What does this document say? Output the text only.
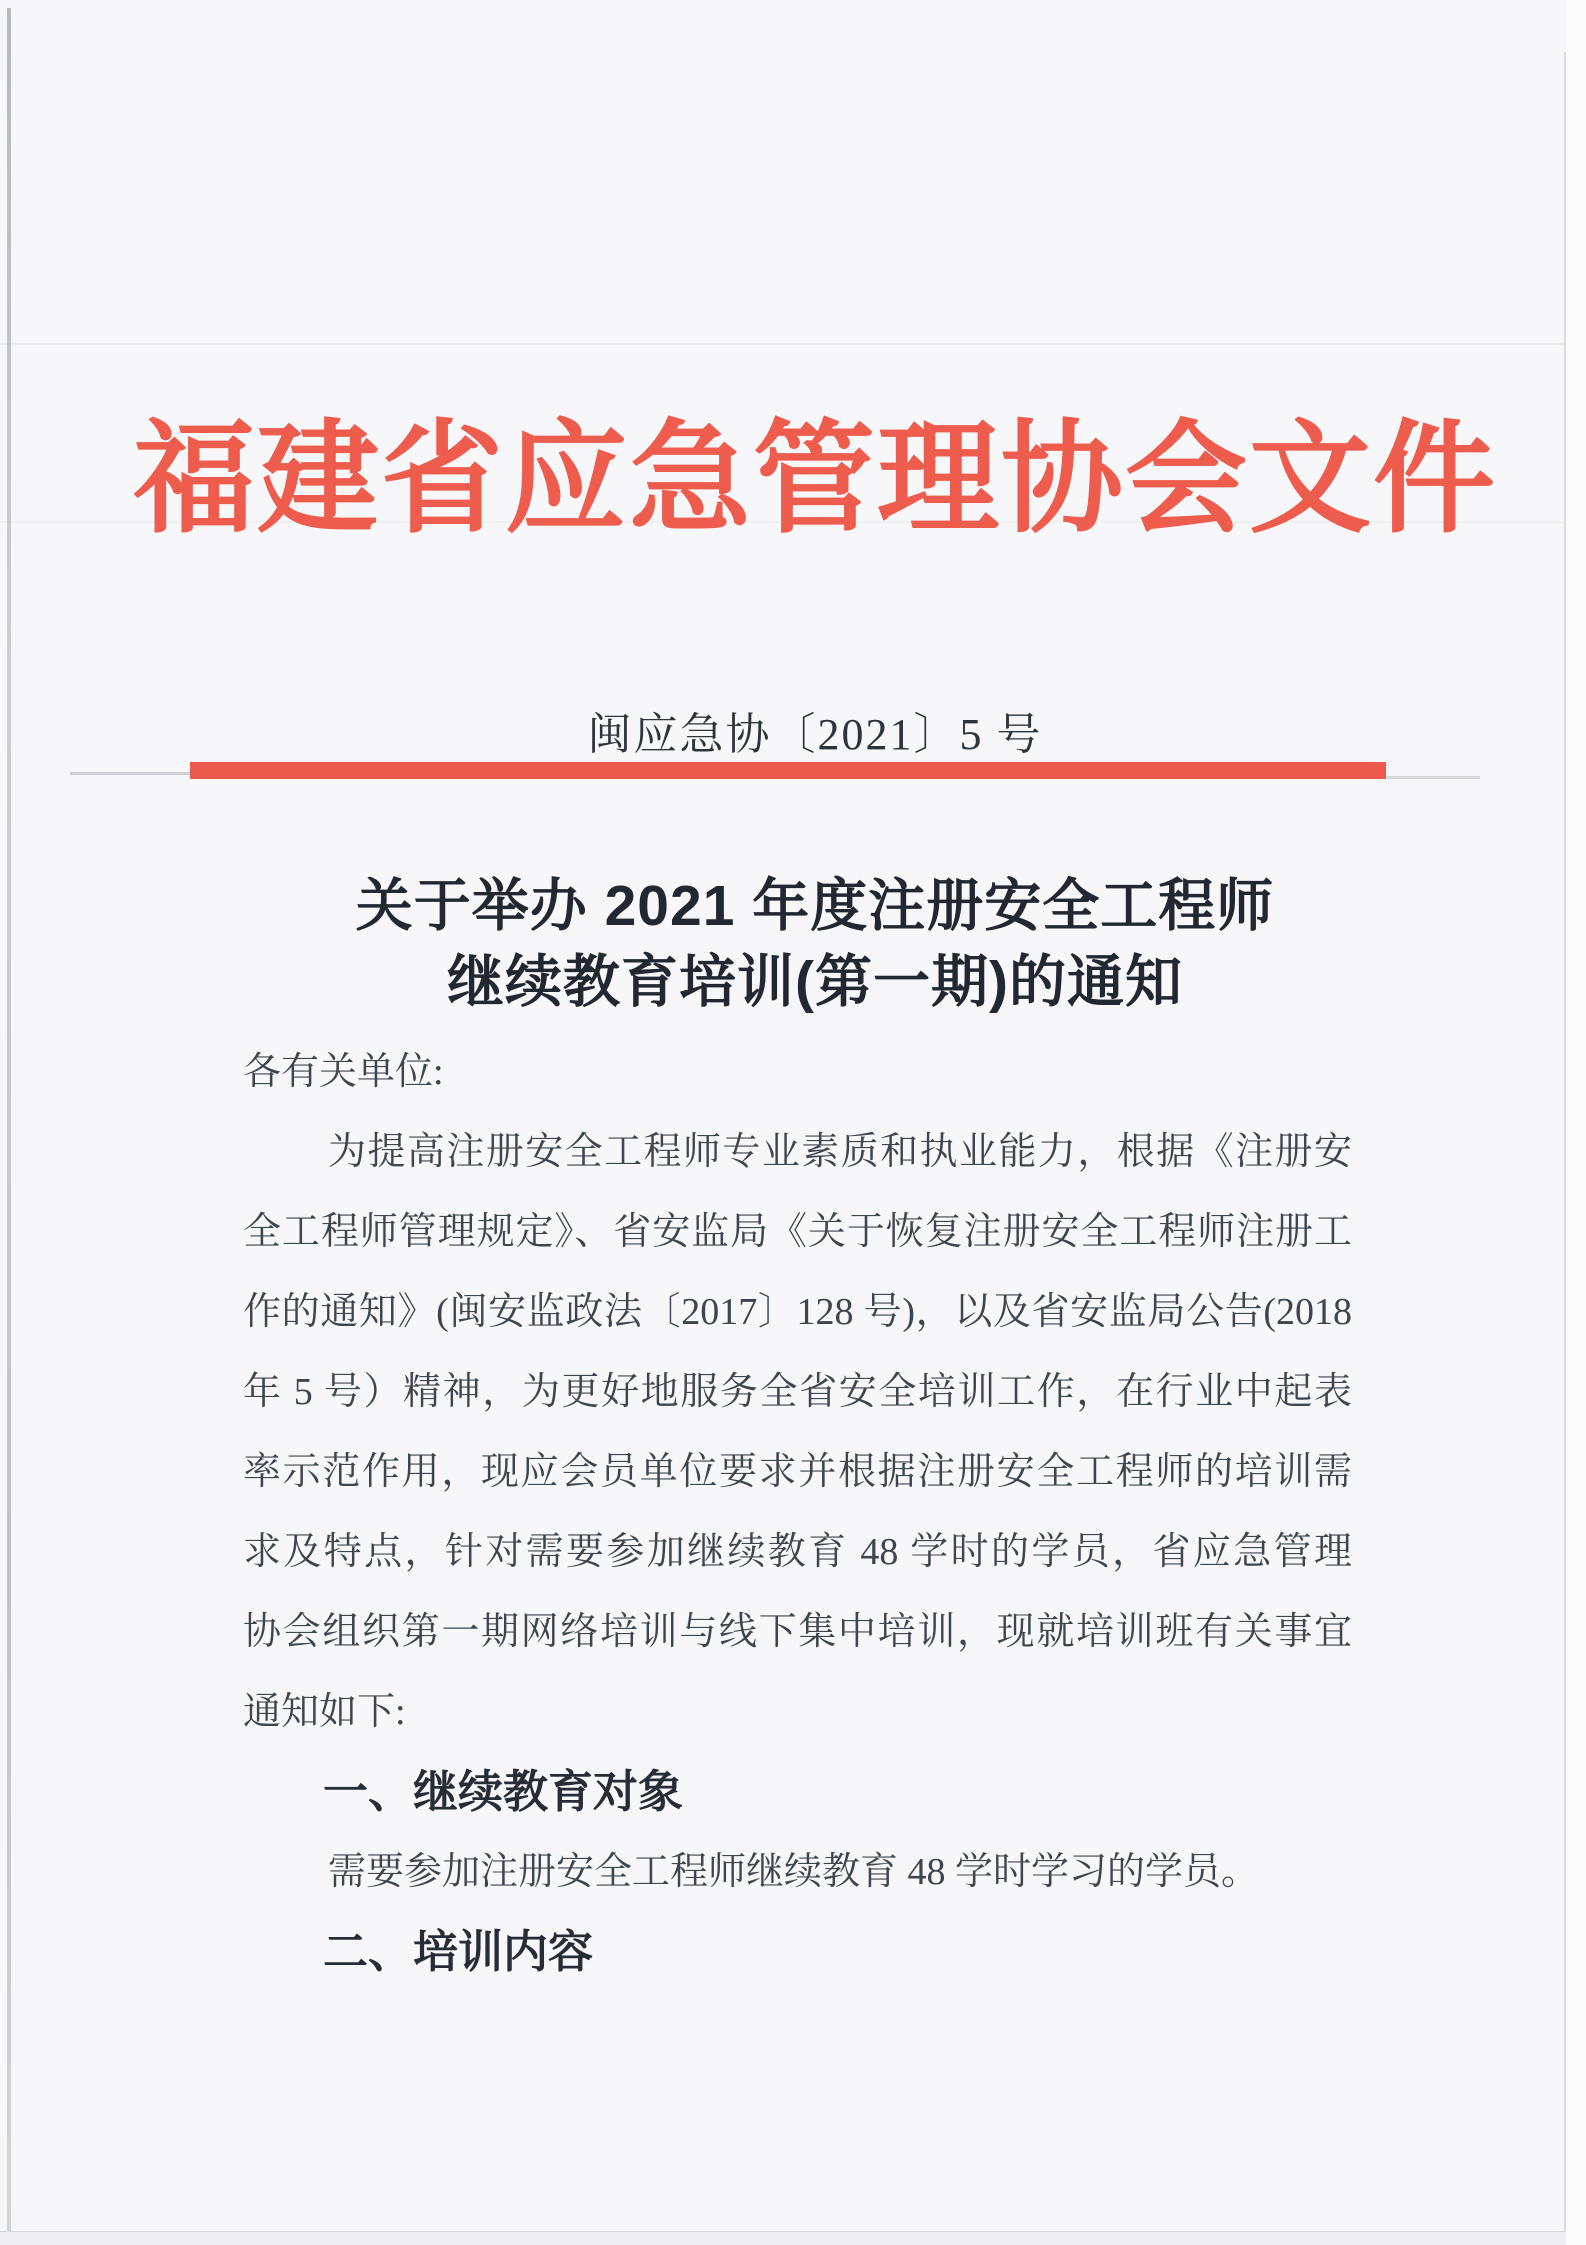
福建省应急管理协会文件
闽应急协〔2021〕5 号
关于举办 2021 年度注册安全工程师
继续教育培训(第一期)的通知
各有关单位:
为提高注册安全工程师专业素质和执业能力，根据《注册安
全工程师管理规定》、省安监局《关于恢复注册安全工程师注册工
作的通知》(闽安监政法〔2017〕128 号)，以及省安监局公告(2018
年 5 号）精神，为更好地服务全省安全培训工作，在行业中起表
率示范作用，现应会员单位要求并根据注册安全工程师的培训需
求及特点，针对需要参加继续教育 48 学时的学员，省应急管理
协会组织第一期网络培训与线下集中培训，现就培训班有关事宜
通知如下:
一、继续教育对象
需要参加注册安全工程师继续教育 48 学时学习的学员。
二、培训内容
